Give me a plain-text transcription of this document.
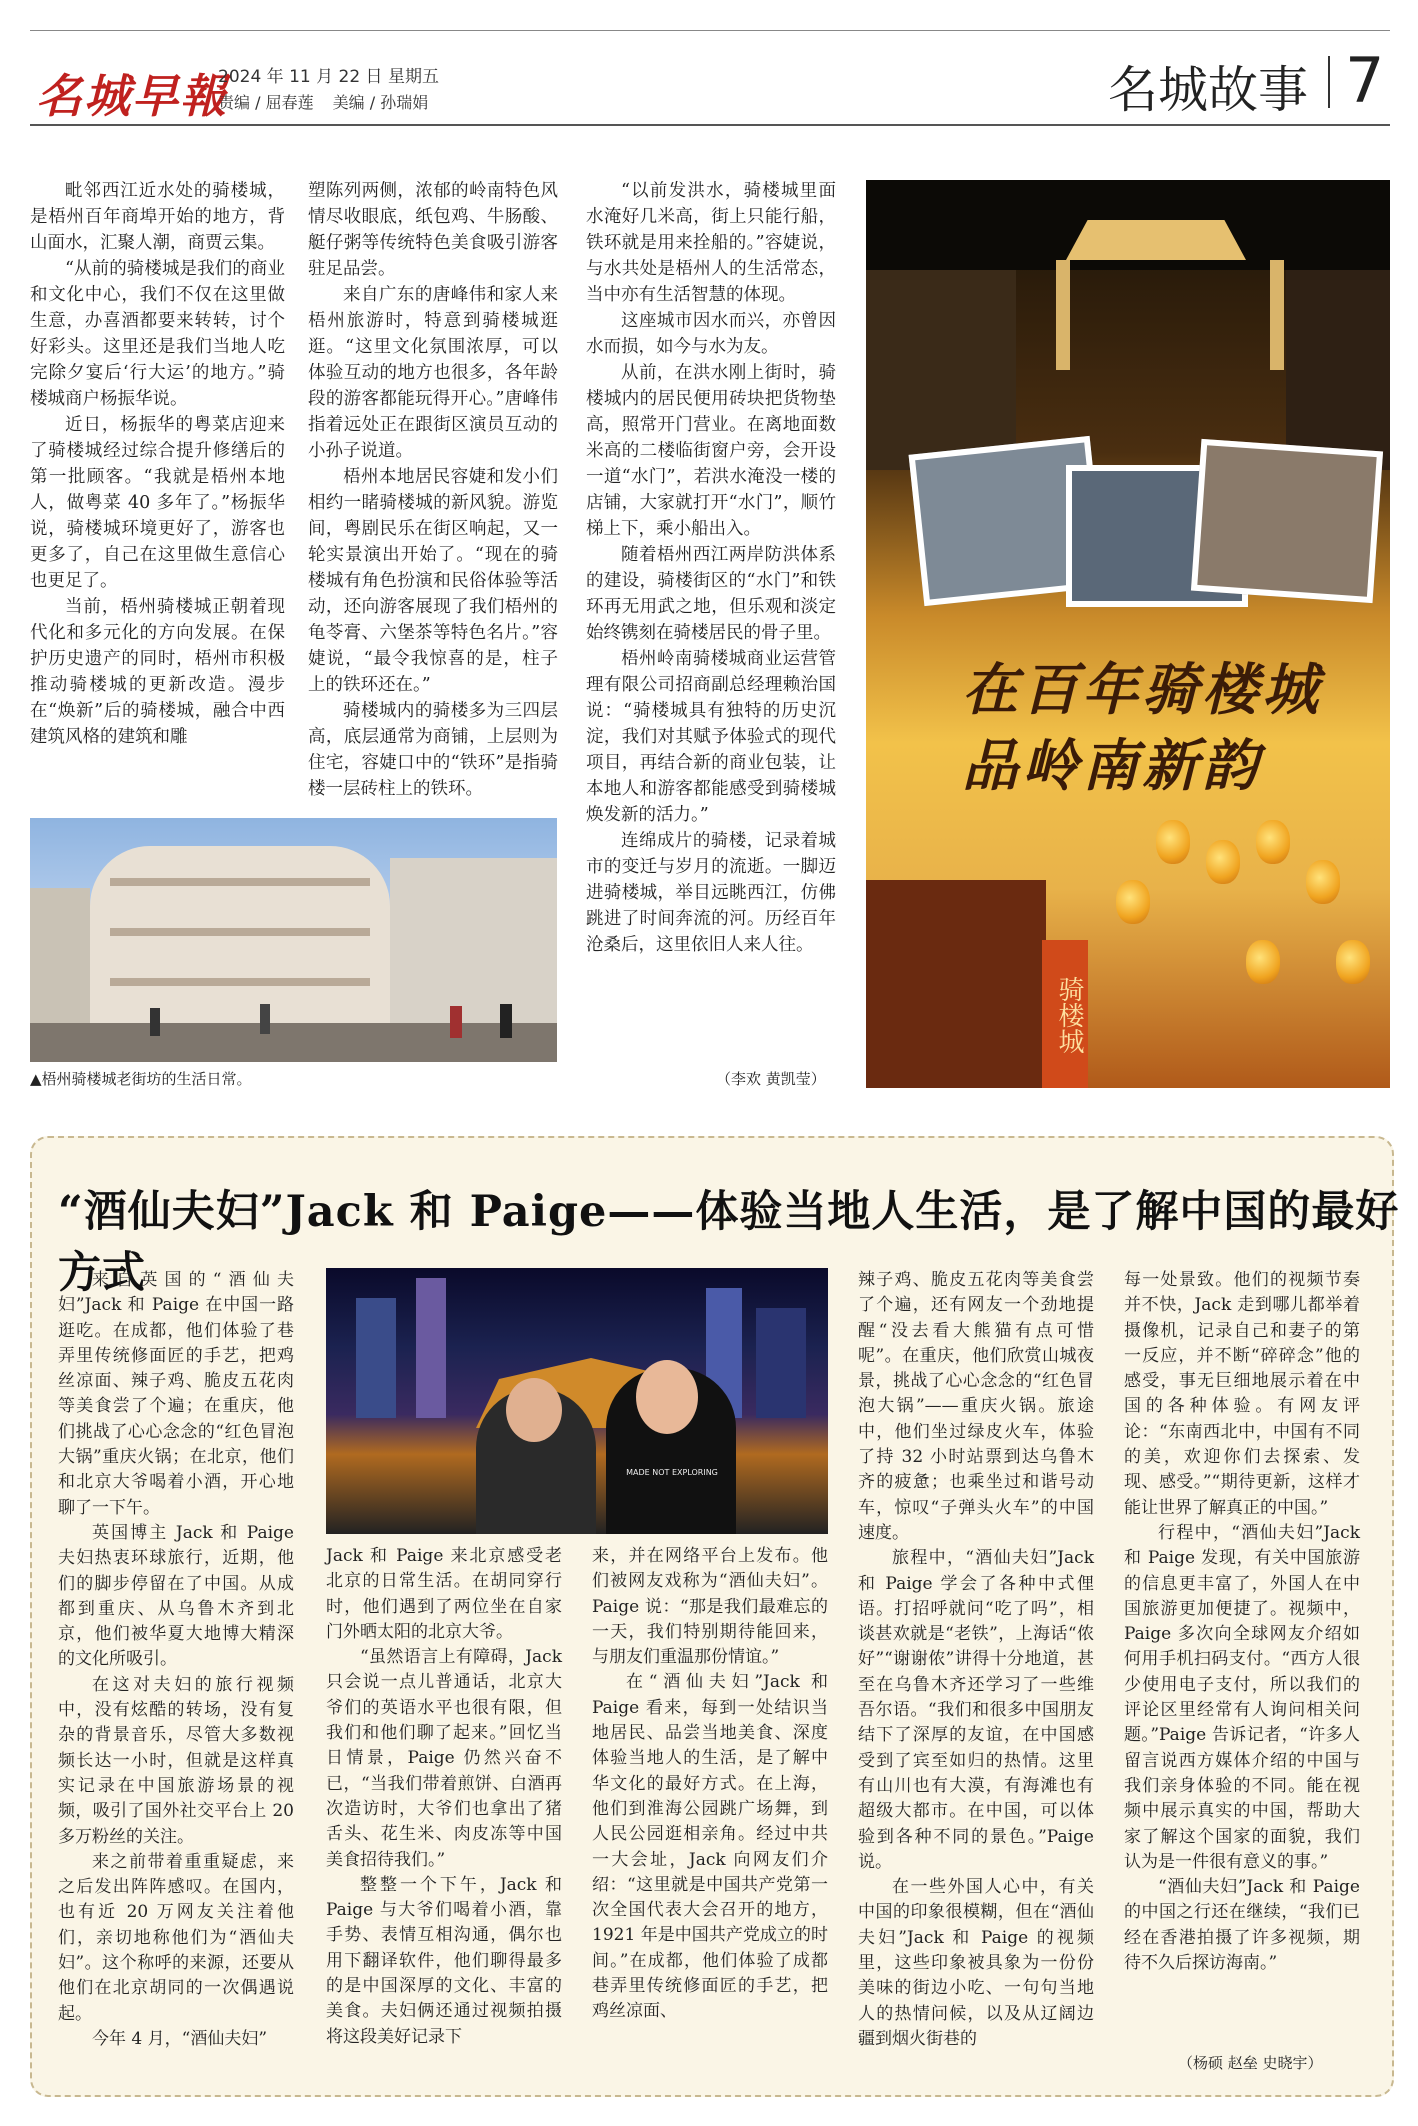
名城早報
2024 年 11 月 22 日 星期五
责编 / 屈春莲 美编 / 孙瑞娟	名城故事 7

毗邻西江近水处的骑楼城，是梧州百年商埠开始的地方，背山面水，汇聚人潮，商贾云集。

“从前的骑楼城是我们的商业和文化中心，我们不仅在这里做生意，办喜酒都要来转转，讨个好彩头。这里还是我们当地人吃完除夕宴后‘行大运’的地方。”骑楼城商户杨振华说。

近日，杨振华的粤菜店迎来了骑楼城经过综合提升修缮后的第一批顾客。“我就是梧州本地人，做粤菜 40 多年了。”杨振华说，骑楼城环境更好了，游客也更多了，自己在这里做生意信心也更足了。

当前，梧州骑楼城正朝着现代化和多元化的方向发展。在保护历史遗产的同时，梧州市积极推动骑楼城的更新改造。漫步在“焕新”后的骑楼城，融合中西建筑风格的建筑和雕

塑陈列两侧，浓郁的岭南特色风情尽收眼底，纸包鸡、牛肠酸、艇仔粥等传统特色美食吸引游客驻足品尝。

来自广东的唐峰伟和家人来梧州旅游时，特意到骑楼城逛逛。“这里文化氛围浓厚，可以体验互动的地方也很多，各年龄段的游客都能玩得开心。”唐峰伟指着远处正在跟街区演员互动的小孙子说道。

梧州本地居民容婕和发小们相约一睹骑楼城的新风貌。游览间，粤剧民乐在街区响起，又一轮实景演出开始了。“现在的骑楼城有角色扮演和民俗体验等活动，还向游客展现了我们梧州的龟苓膏、六堡茶等特色名片。”容婕说，“最令我惊喜的是，柱子上的铁环还在。”

骑楼城内的骑楼多为三四层高，底层通常为商铺，上层则为住宅，容婕口中的“铁环”是指骑楼一层砖柱上的铁环。

“以前发洪水，骑楼城里面水淹好几米高，街上只能行船，铁环就是用来拴船的。”容婕说，与水共处是梧州人的生活常态，当中亦有生活智慧的体现。

这座城市因水而兴，亦曾因水而损，如今与水为友。

从前，在洪水刚上街时，骑楼城内的居民便用砖块把货物垫高，照常开门营业。在离地面数米高的二楼临街窗户旁，会开设一道“水门”，若洪水淹没一楼的店铺，大家就打开“水门”，顺竹梯上下，乘小船出入。

随着梧州西江两岸防洪体系的建设，骑楼街区的“水门”和铁环再无用武之地，但乐观和淡定始终镌刻在骑楼居民的骨子里。

梧州岭南骑楼城商业运营管理有限公司招商副总经理赖治国说：“骑楼城具有独特的历史沉淀，我们对其赋予体验式的现代项目，再结合新的商业包装，让本地人和游客都能感受到骑楼城焕发新的活力。”

连绵成片的骑楼，记录着城市的变迁与岁月的流逝。一脚迈进骑楼城，举目远眺西江，仿佛跳进了时间奔流的河。历经百年沧桑后，这里依旧人来人往。

▲梧州骑楼城老街坊的生活日常。	（李欢 黄凯莹）
在百年骑楼城
品岭南新韵
骑楼城
“酒仙夫妇”Jack 和 Paige——体验当地人生活，是了解中国的最好方式

来自英国的“酒仙夫妇”Jack 和 Paige 在中国一路逛吃。在成都，他们体验了巷弄里传统修面匠的手艺，把鸡丝凉面、辣子鸡、脆皮五花肉等美食尝了个遍；在重庆，他们挑战了心心念念的“红色冒泡大锅”重庆火锅；在北京，他们和北京大爷喝着小酒，开心地聊了一下午。

英国博主 Jack 和 Paige 夫妇热衷环球旅行，近期，他们的脚步停留在了中国。从成都到重庆、从乌鲁木齐到北京，他们被华夏大地博大精深的文化所吸引。

在这对夫妇的旅行视频中，没有炫酷的转场，没有复杂的背景音乐，尽管大多数视频长达一小时，但就是这样真实记录在中国旅游场景的视频，吸引了国外社交平台上 20 多万粉丝的关注。

来之前带着重重疑虑，来之后发出阵阵感叹。在国内，也有近 20 万网友关注着他们，亲切地称他们为“酒仙夫妇”。这个称呼的来源，还要从他们在北京胡同的一次偶遇说起。

今年 4 月，“酒仙夫妇”

MADE NOT EXPLORING

Jack 和 Paige 来北京感受老北京的日常生活。在胡同穿行时，他们遇到了两位坐在自家门外晒太阳的北京大爷。

“虽然语言上有障碍，Jack 只会说一点儿普通话，北京大爷们的英语水平也很有限，但我们和他们聊了起来。”回忆当日情景，Paige 仍然兴奋不已，“当我们带着煎饼、白酒再次造访时，大爷们也拿出了猪舌头、花生米、肉皮冻等中国美食招待我们。”

整整一个下午，Jack 和 Paige 与大爷们喝着小酒，靠手势、表情互相沟通，偶尔也用下翻译软件，他们聊得最多的是中国深厚的文化、丰富的美食。夫妇俩还通过视频拍摄将这段美好记录下

来，并在网络平台上发布。他们被网友戏称为“酒仙夫妇”。Paige 说：“那是我们最难忘的一天，我们特别期待能回来，与朋友们重温那份情谊。”

在“酒仙夫妇”Jack 和 Paige 看来，每到一处结识当地居民、品尝当地美食、深度体验当地人的生活，是了解中华文化的最好方式。在上海，他们到淮海公园跳广场舞，到人民公园逛相亲角。经过中共一大会址，Jack 向网友们介绍：“这里就是中国共产党第一次全国代表大会召开的地方，1921 年是中国共产党成立的时间。”在成都，他们体验了成都巷弄里传统修面匠的手艺，把鸡丝凉面、

辣子鸡、脆皮五花肉等美食尝了个遍，还有网友一个劲地提醒“没去看大熊猫有点可惜呢”。在重庆，他们欣赏山城夜景，挑战了心心念念的“红色冒泡大锅”——重庆火锅。旅途中，他们坐过绿皮火车，体验了持 32 小时站票到达乌鲁木齐的疲惫；也乘坐过和谐号动车，惊叹“子弹头火车”的中国速度。

旅程中，“酒仙夫妇”Jack 和 Paige 学会了各种中式俚语。打招呼就问“吃了吗”，相谈甚欢就是“老铁”，上海话“侬好”“谢谢侬”讲得十分地道，甚至在乌鲁木齐还学习了一些维吾尔语。“我们和很多中国朋友结下了深厚的友谊，在中国感受到了宾至如归的热情。这里有山川也有大漠，有海滩也有超级大都市。在中国，可以体验到各种不同的景色。”Paige 说。

在一些外国人心中，有关中国的印象很模糊，但在“酒仙夫妇”Jack 和 Paige 的视频里，这些印象被具象为一份份美味的街边小吃、一句句当地人的热情问候，以及从辽阔边疆到烟火街巷的

每一处景致。他们的视频节奏并不快，Jack 走到哪儿都举着摄像机，记录自己和妻子的第一反应，并不断“碎碎念”他的感受，事无巨细地展示着在中国的各种体验。有网友评论：“东南西北中，中国有不同的美，欢迎你们去探索、发现、感受。”“期待更新，这样才能让世界了解真正的中国。”

行程中，“酒仙夫妇”Jack 和 Paige 发现，有关中国旅游的信息更丰富了，外国人在中国旅游更加便捷了。视频中，Paige 多次向全球网友介绍如何用手机扫码支付。“西方人很少使用电子支付，所以我们的评论区里经常有人询问相关问题。”Paige 告诉记者，“许多人留言说西方媒体介绍的中国与我们亲身体验的不同。能在视频中展示真实的中国，帮助大家了解这个国家的面貌，我们认为是一件很有意义的事。”

“酒仙夫妇”Jack 和 Paige 的中国之行还在继续，“我们已经在香港拍摄了许多视频，期待不久后探访海南。”

（杨硕 赵垒 史晓宇）
